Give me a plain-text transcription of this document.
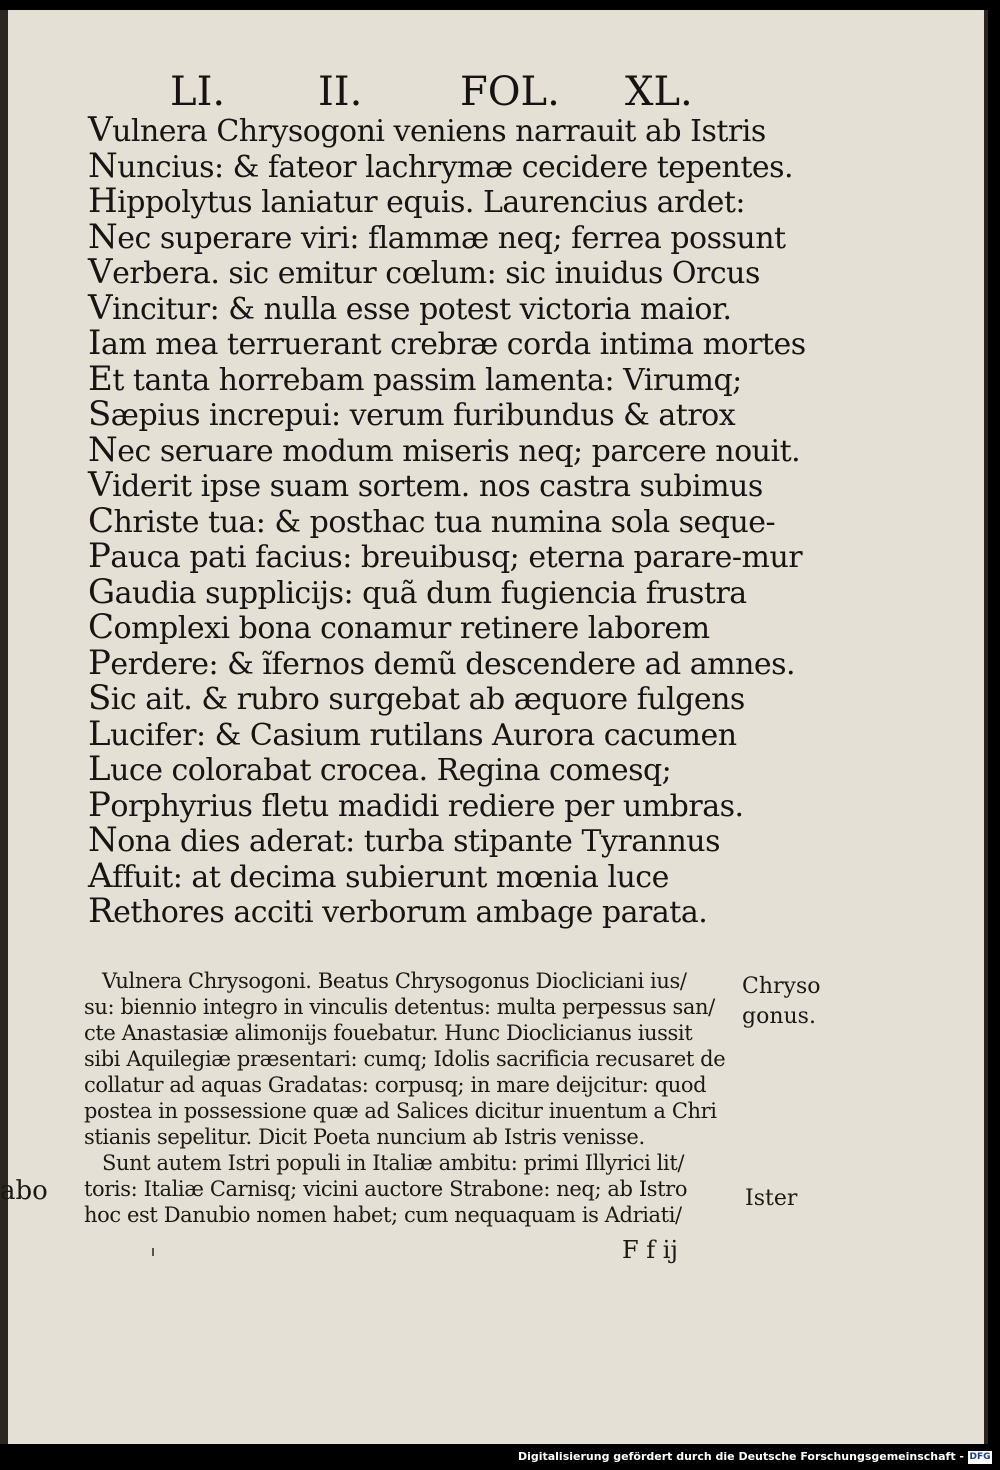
LI. II. FOL. XL.
Vulnera Chrysogoni veniens narrauit ab Istris
Nuncius: & fateor lachrymæ cecidere tepentes.
Hippolytus laniatur equis. Laurencius ardet:
Nec superare viri: flammæ neq; ferrea possunt
Verbera. sic emitur cœlum: sic inuidus Orcus
Vincitur: & nulla esse potest victoria maior.
Iam mea terruerant crebræ corda intima mortes
Et tanta horrebam passim lamenta: Virumq;
Sæpius increpui: verum furibundus & atrox
Nec seruare modum miseris neq; parcere nouit.
Viderit ipse suam sortem. nos castra subimus
Christe tua: & posthac tua numina sola seque-
Pauca pati facius: breuibusq; eterna parare-mur
Gaudia supplicijs: quã dum fugiencia frustra
Complexi bona conamur retinere laborem
Perdere: & ĩfernos demũ descendere ad amnes.
Sic ait. & rubro surgebat ab æquore fulgens
Lucifer: & Casium rutilans Aurora cacumen
Luce colorabat crocea. Regina comesq;
Porphyrius fletu madidi rediere per umbras.
Nona dies aderat: turba stipante Tyrannus
Affuit: at decima subierunt mœnia luce
Rethores acciti verborum ambage parata.
Vulnera Chrysogoni. Beatus Chrysogonus Diocliciani ius/
su: biennio integro in vinculis detentus: multa perpessus san/
cte Anastasiæ alimonijs fouebatur. Hunc Dioclicianus iussit
sibi Aquilegiæ præsentari: cumq; Idolis sacrificia recusaret de
collatur ad aquas Gradatas: corpusq; in mare deijcitur: quod
postea in possessione quæ ad Salices dicitur inuentum a Chri
stianis sepelitur. Dicit Poeta nuncium ab Istris venisse.
Sunt autem Istri populi in Italiæ ambitu: primi Illyrici lit/
toris: Italiæ Carnisq; vicini auctore Strabone: neq; ab Istro
hoc est Danubio nomen habet; cum nequaquam is Adriati/
Chryso
gonus.
Ister
abo
F f ij
Digitalisierung gefördert durch die Deutsche Forschungsgemeinschaft - DFG
